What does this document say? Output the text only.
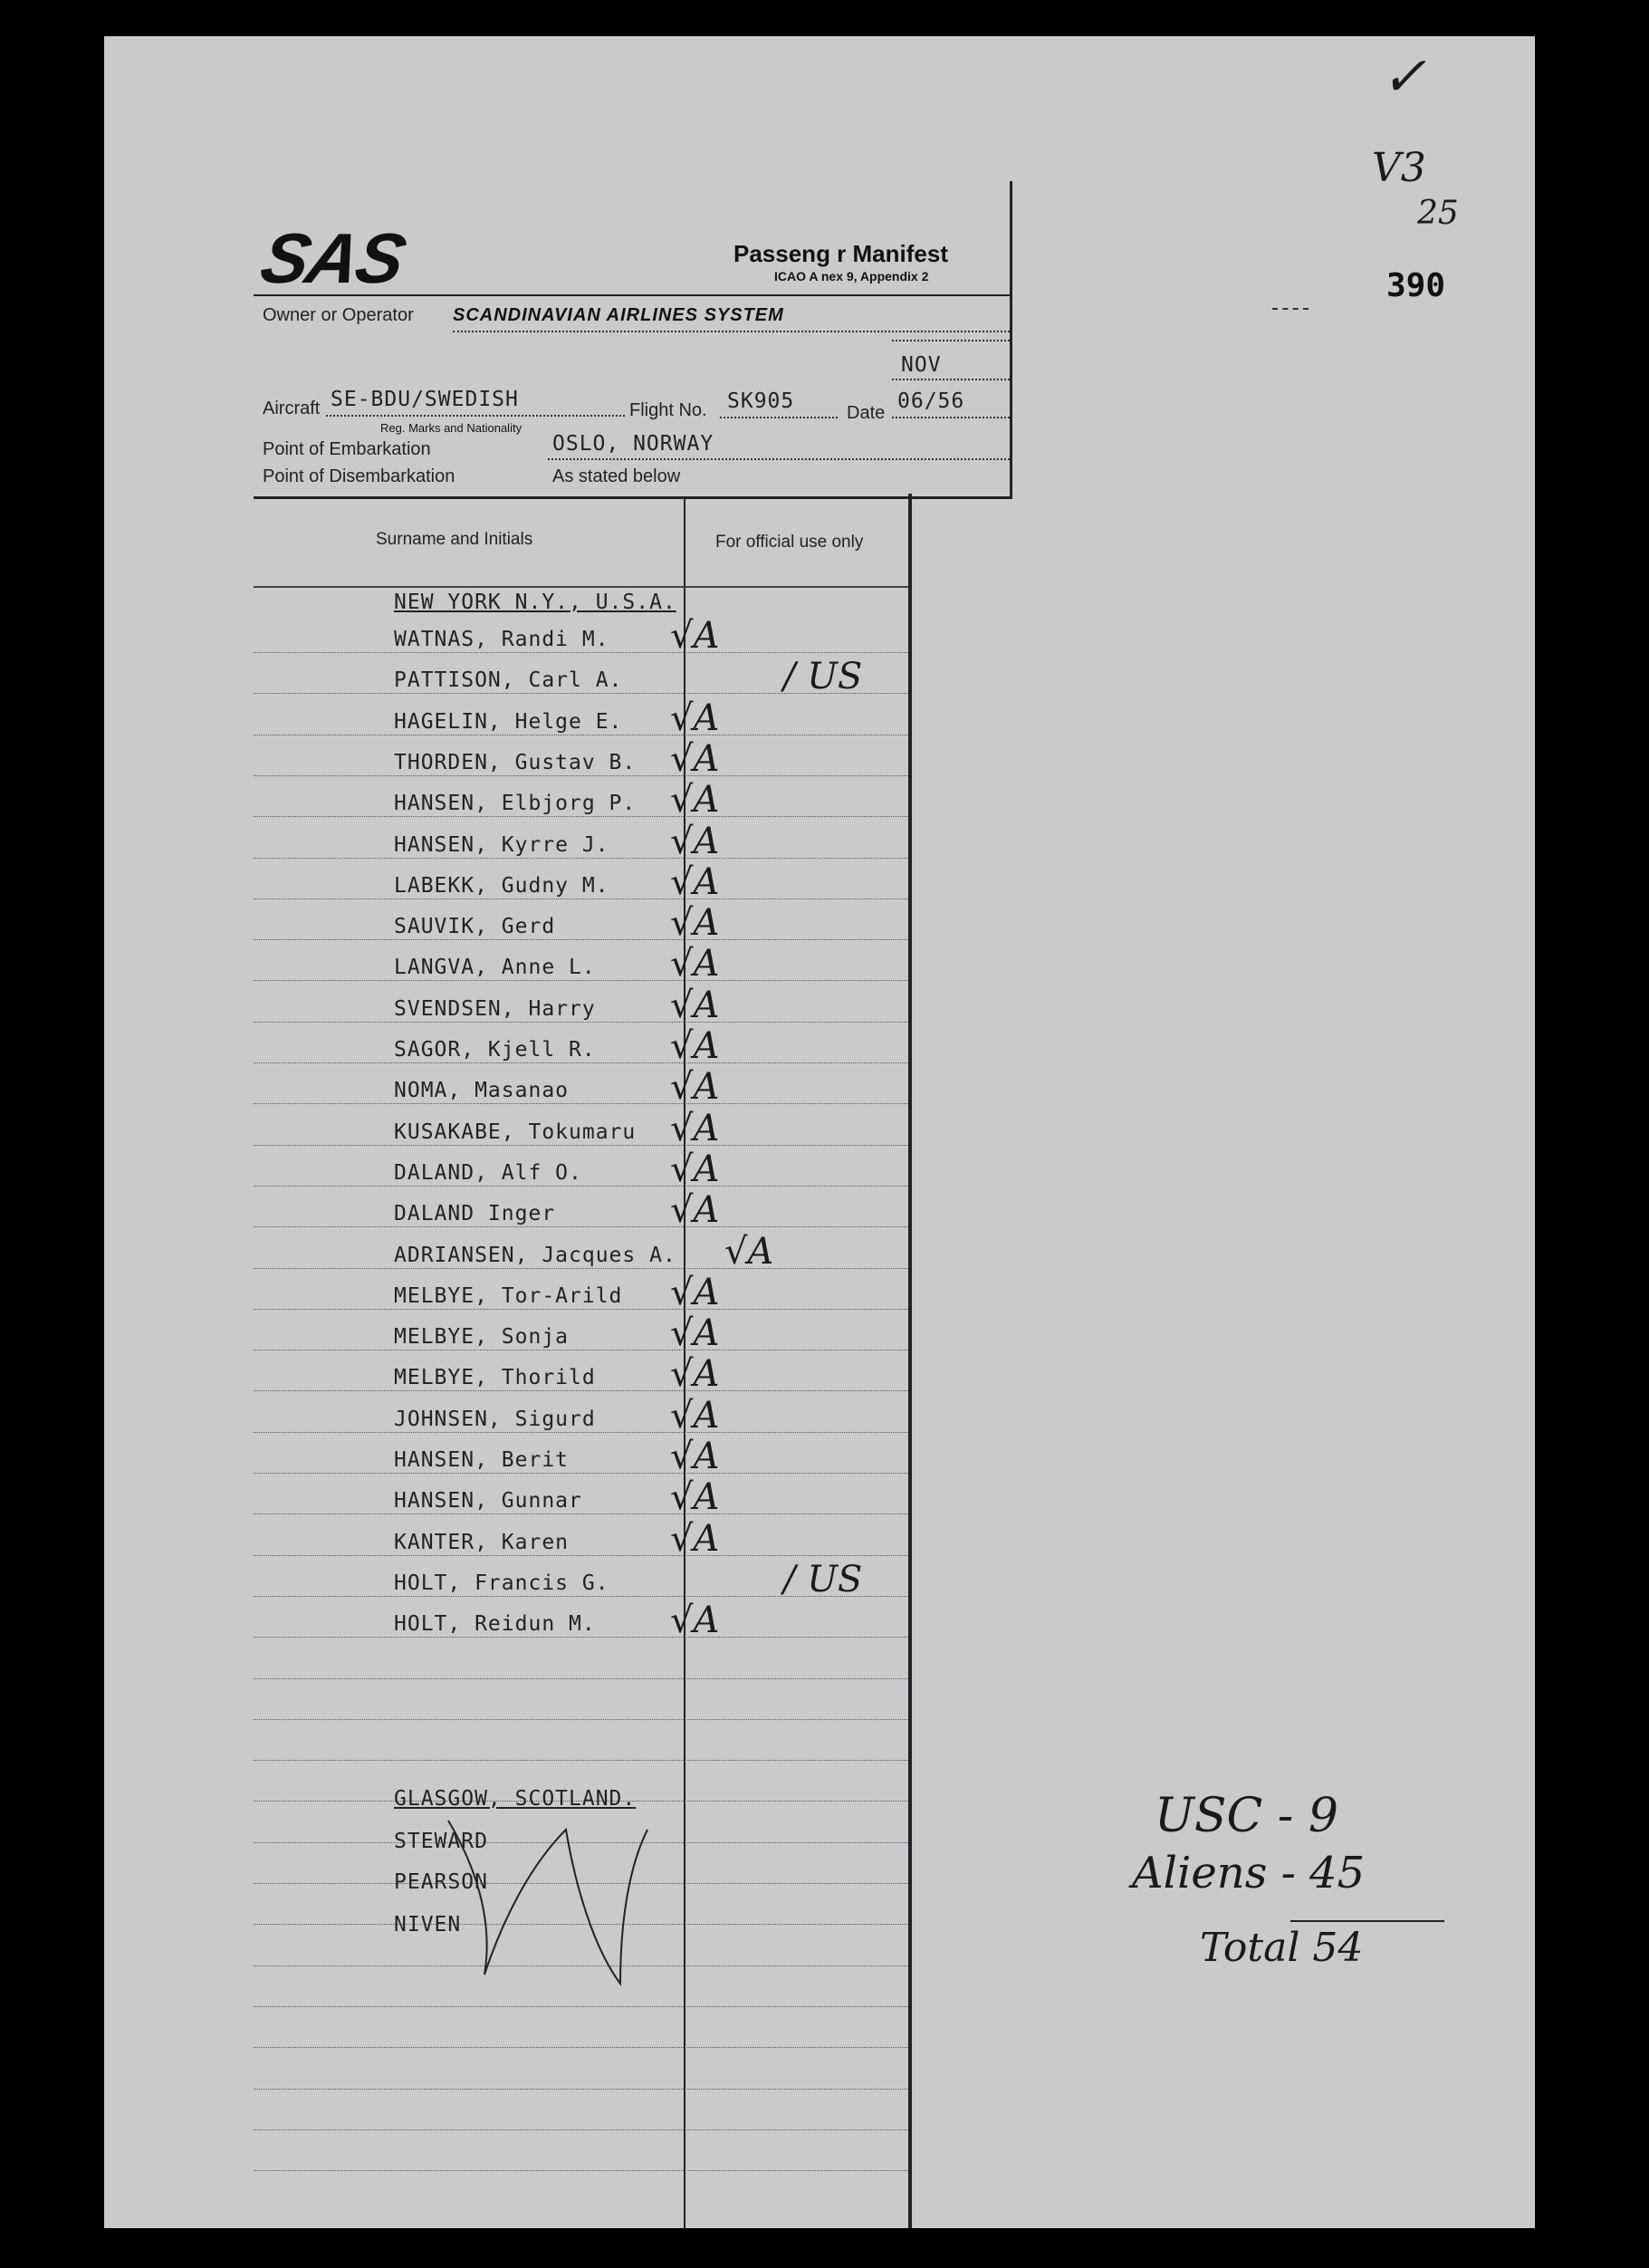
✓
V3
25
390
SAS	Passeng r Manifest
ICAO A nex 9, Appendix 2
Owner or Operator SCANDINAVIAN AIRLINES SYSTEM
Aircraft SE-BDU/SWEDISH
Reg. Marks and Nationality
Flight No. SK905	Date
NOV
06/56
Point of Embarkation	OSLO, NORWAY
Point of Disembarkation	As stated below
Surname and Initials	For official use only
NEW YORK N.Y., U.S.A.
WATNAS, Randi M. √A
PATTISON, Carl A.	/ US
HAGELIN, Helge E. √A
THORDEN, Gustav B. √A
HANSEN, Elbjorg P. √A
HANSEN, Kyrre J. √A
LABEKK, Gudny M. √A
SAUVIK, Gerd	√A
LANGVA, Anne L. √A
SVENDSEN, Harry √A
SAGOR, Kjell R. √A
NOMA, Masanao	√A
KUSAKABE, Tokumaru √A
DALAND, Alf O. √A
DALAND Inger	√A
ADRIANSEN, Jacques A. √A
MELBYE, Tor-Arild √A
MELBYE, Sonja	√A
MELBYE, Thorild √A
JOHNSEN, Sigurd √A
HANSEN, Berit	√A
HANSEN, Gunnar √A
KANTER, Karen	√A
HOLT, Francis G.	/ US
HOLT, Reidun M. √A
GLASGOW, SCOTLAND.
STEWARD
PEARSON
NIVEN
USC - 9
Aliens - 45
Total 54
